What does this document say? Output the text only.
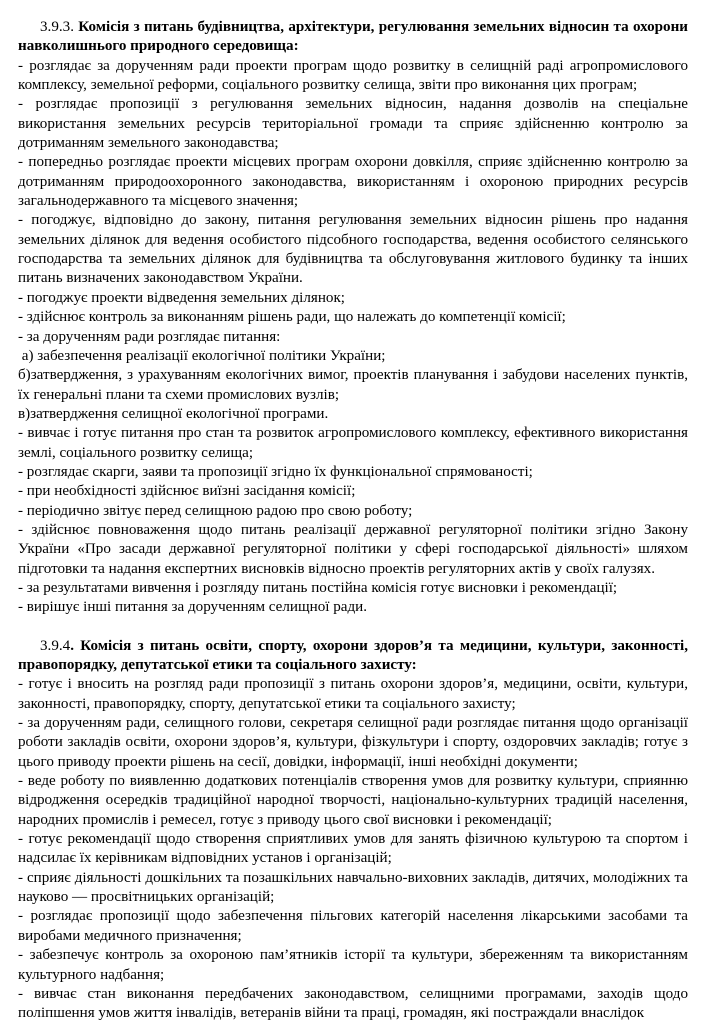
3.9.3. Комісія з питань будівництва, архітектури, регулювання земельних відносин та охорони навколишнього природного середовища:

- розглядає за дорученням ради проекти програм щодо розвитку в селищній раді агропромислового комплексу, земельної реформи, соціального розвитку селища, звіти про виконання цих програм;

- розглядає пропозиції з регулювання земельних відносин, надання дозволів на спеціальне використання земельних ресурсів територіальної громади та сприяє здійсненню контролю за дотриманням земельного законодавства;

- попередньо розглядає проекти місцевих програм охорони довкілля, сприяє здійсненню контролю за дотриманням природоохоронного законодавства, використанням і охороною природних ресурсів загальнодержавного та місцевого значення;

- погоджує, відповідно до закону, питання регулювання земельних відносин рішень про надання земельних ділянок для ведення особистого підсобного господарства, ведення особистого селянського господарства та земельних ділянок для будівництва та обслуговування житлового будинку та інших питань визначених законодавством України.

- погоджує проекти відведення земельних ділянок;

- здійснює контроль за виконанням рішень ради, що належать до компетенції комісії;

- за дорученням ради розглядає питання:

а) забезпечення реалізації екологічної політики України;

б)затвердження, з урахуванням екологічних вимог, проектів планування і забудови населених пунктів, їх генеральні плани та схеми промислових вузлів;

в)затвердження селищної екологічної програми.

- вивчає і готує питання про стан та розвиток агропромислового комплексу, ефективного використання землі, соціального розвитку селища;

- розглядає скарги, заяви та пропозиції згідно їх функціональної спрямованості;

- при необхідності здійснює виїзні засідання комісії;

- періодично звітує перед селищною радою про свою роботу;

- здійснює повноваження щодо питань реалізації державної регуляторної політики згідно Закону України «Про засади державної регуляторної політики у сфері господарської діяльності» шляхом підготовки та надання експертних висновків відносно проектів регуляторних актів у своїх галузях.

- за результатами вивчення і розгляду питань постійна комісія готує висновки і рекомендації;

- вирішує інші питання за дорученням селищної ради.

3.9.4. Комісія з питань освіти, спорту, охорони здоров’я та медицини, культури, законності, правопорядку, депутатської етики та соціального захисту:

- готує і вносить на розгляд ради пропозиції з питань охорони здоров’я, медицини, освіти, культури, законності, правопорядку, спорту, депутатської етики та соціального захисту;

- за дорученням ради, селищного голови, секретаря селищної ради розглядає питання щодо організації роботи закладів освіти, охорони здоров’я, культури, фізкультури і спорту, оздоровчих закладів; готує з цього приводу проекти рішень на сесії, довідки, інформації, інші необхідні документи;

- веде роботу по виявленню додаткових потенціалів створення умов для розвитку культури, сприянню відродження осередків традиційної народної творчості, національно-культурних традицій населення, народних промислів і ремесел, готує з приводу цього свої висновки і рекомендації;

- готує рекомендації щодо створення сприятливих умов для занять фізичною культурою та спортом і надсилає їх керівникам відповідних установ і організацій;

- сприяє діяльності дошкільних та позашкільних навчально-виховних закладів, дитячих, молодіжних та науково — просвітницьких організацій;

- розглядає пропозиції щодо забезпечення пільгових категорій населення лікарськими засобами та виробами медичного призначення;

- забезпечує контроль за охороною пам’ятників історії та культури, збереженням та використанням культурного надбання;

- вивчає стан виконання передбачених законодавством, селищними програмами, заходів щодо поліпшення умов життя інвалідів, ветеранів війни та праці, громадян, які постраждали внаслідок
